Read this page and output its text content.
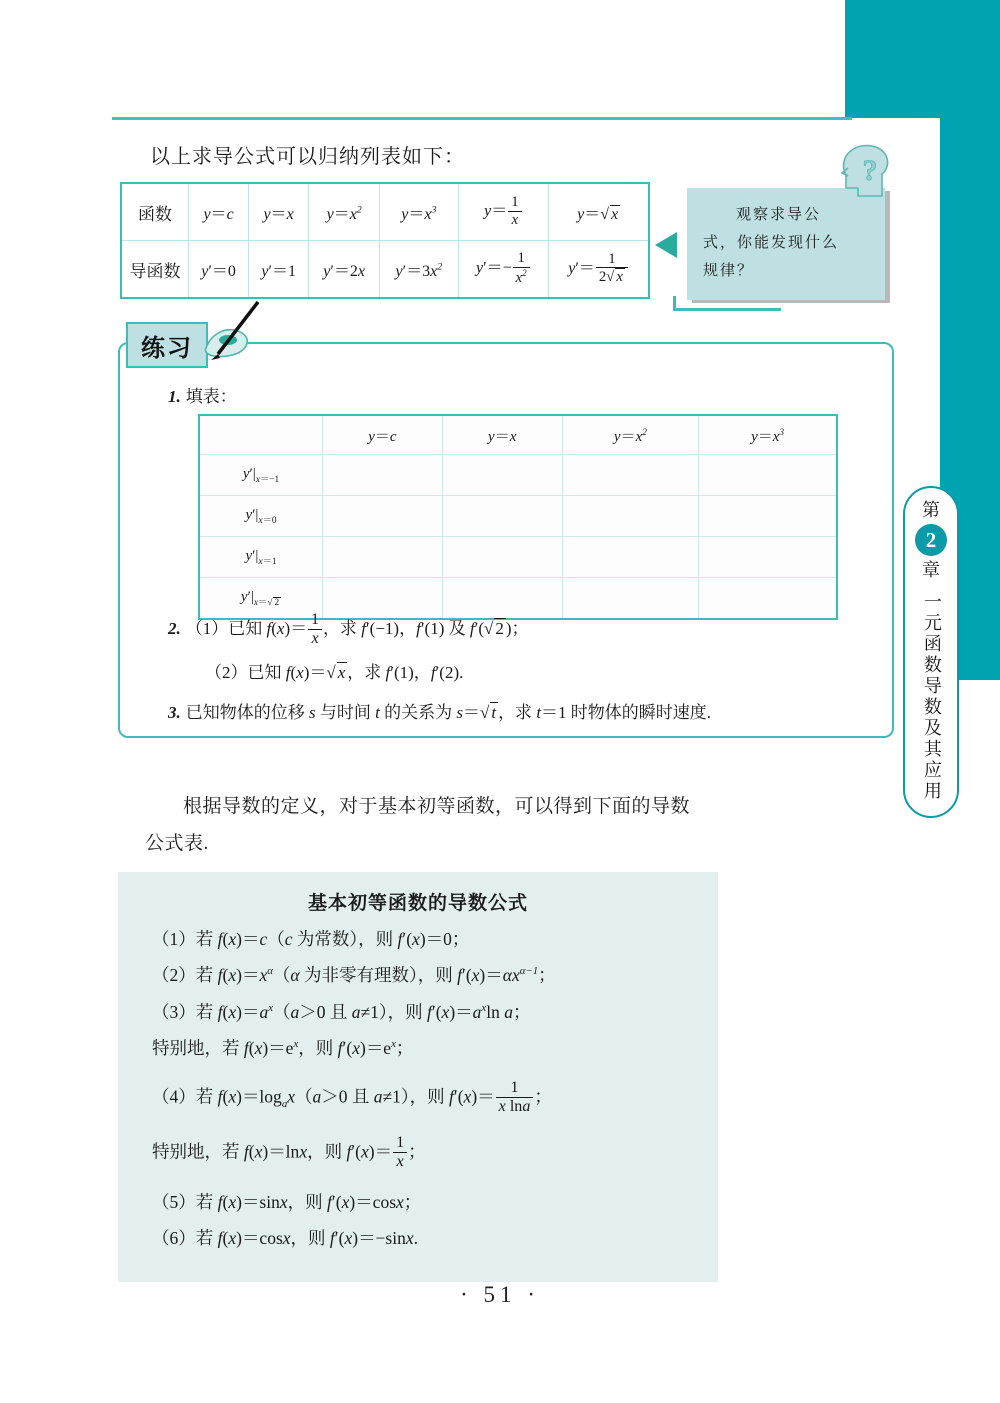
以上求导公式可以归纳列表如下：
函数	y＝c	y＝x	$y=x^2$	$y=x^3$	$y= \frac{1}{x}$	y＝√ x
导函数	y′＝0	y′＝1	y′＝2x	$y'=3x^2$	$y'=- \frac{1}{x^2}$	$y'= \frac{1}{2√ x}$
观察求导公
式，你能发现什么
规律？
?
练习
1. 填表：
	y＝c	y＝x	$y=x^2$	$y=x^3$
$y'|_{x=-1}$				
$y'|_{x=0}$				
$y'|_{x=1}$				
$y'|_{x=√ 2}$				
2. （1）已知 $f(x)= \frac{1}{x}$ ，求 f′(−1)，f′(1) 及 f′(√ 2 )；
（2）已知 f(x)＝√ x ，求 f′(1)，f′(2).
3. 已知物体的位移 s 与时间 t 的关系为 s＝√ t ，求 t＝1 时物体的瞬时速度.
第
2
章
一元函数导数及其应用
根据导数的定义，对于基本初等函数，可以得到下面的导数公式表.
基本初等函数的导数公式
（1）若 f(x)＝c（c 为常数），则 f′(x)＝0；
（2）若 $f(x)=x^\alpha(\alpha$ 为非零有理数），则 $f'(x)=\alpha x^{\alpha-1}$；
（3）若 $f(x)=a^x(a>0$ 且 a≠1），则 $f'(x)=a^x\ln$ a；
特别地，若 $f(x)=e^x$，则 $f'(x)=e^x$；
（4）若 $f(x)=\log_ax(a>0$ 且 a≠1），则 $f'(x)= \frac{1}{\text{x lna}}$ ；
特别地，若 f(x)＝lnx，则 $f'(x)= \frac{1}{x}$ ；
（5）若 f(x)＝sinx，则 f′(x)＝cosx；
（6）若 f(x)＝cosx，则 f′(x)＝−sinx.
· 51 ·
